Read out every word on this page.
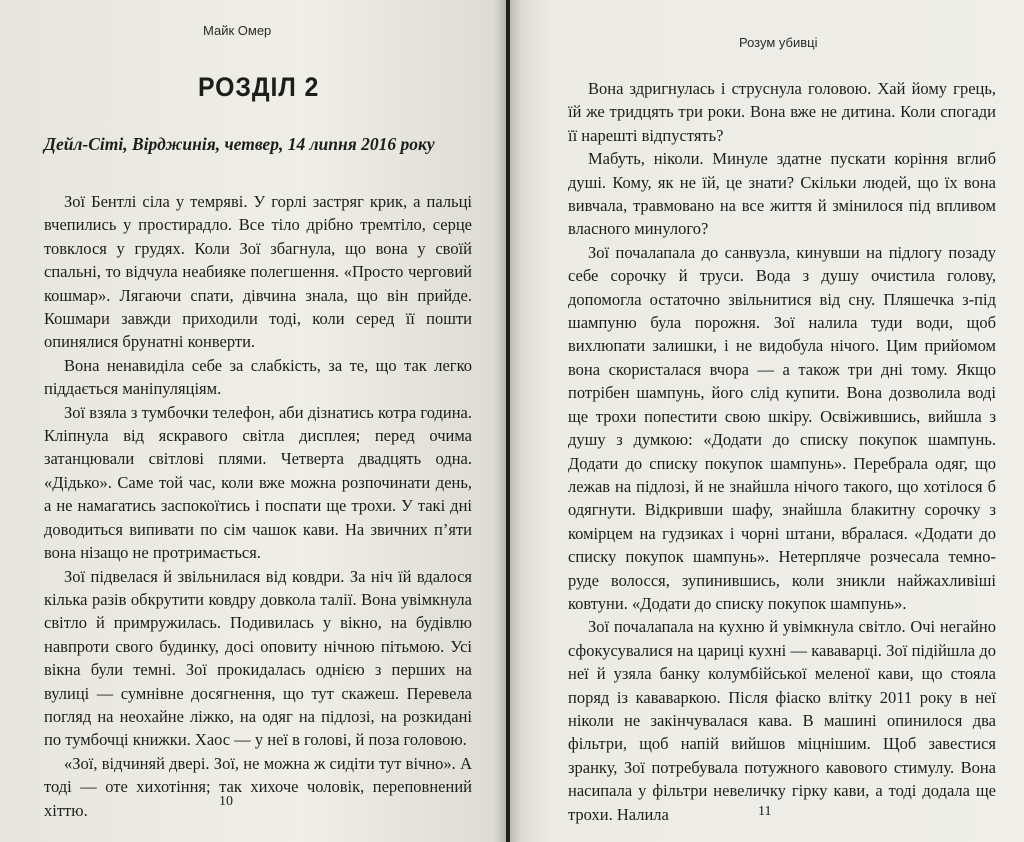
Майк Омер
РОЗДІЛ 2
Дейл-Сіті, Вірджинія, четвер, 14 липня 2016 року

Зої Бентлі сіла у темряві. У горлі застряг крик, а пальці вчепились у простирадло. Все тіло дрібно тремтіло, серце товклося у грудях. Коли Зої збагнула, що вона у своїй спальні, то відчула неабияке полегшення. «Просто черговий кошмар». Лягаючи спати, дівчина знала, що він прийде. Кошмари завжди приходили тоді, коли серед її пошти опинялися брунатні конверти.

Вона ненавиділа себе за слабкість, за те, що так легко піддається маніпуляціям.

Зої взяла з тумбочки телефон, аби дізнатись котра година. Кліпнула від яскравого світла дисплея; перед очима затанцювали світлові плями. Четверта двадцять одна. «Дідько». Саме той час, коли вже можна розпочинати день, а не намагатись заспокоїтись і поспати ще трохи. У такі дні доводиться випивати по сім чашок кави. На звичних п’яти вона нізащо не протримається.

Зої підвелася й звільнилася від ковдри. За ніч їй вдалося кілька разів обкрутити ковдру довкола талії. Вона увімкнула світло й примружилась. Подивилась у вікно, на будівлю навпроти свого будинку, досі оповиту нічною пітьмою. Усі вікна були темні. Зої прокидалась однією з перших на вулиці — сумнівне досягнення, що тут скажеш. Перевела погляд на неохайне ліжко, на одяг на підлозі, на розкидані по тумбочці книжки. Хаос — у неї в голові, й поза головою.

«Зої, відчиняй двері. Зої, не можна ж сидіти тут вічно». А тоді — оте хихотіння; так хихоче чоловік, переповнений хіттю.	10
Розум убивці

Вона здригнулась і струснула головою. Хай йому грець, їй же тридцять три роки. Вона вже не дитина. Коли спогади її нарешті відпустять?

Мабуть, ніколи. Минуле здатне пускати коріння вглиб душі. Кому, як не їй, це знати? Скільки людей, що їх вона вивчала, травмовано на все життя й змінилося під впливом власного минулого?

Зої почалапала до санвузла, кинувши на підлогу позаду себе сорочку й труси. Вода з душу очистила голову, допомогла остаточно звільнитися від сну. Пляшечка з-під шампуню була порожня. Зої налила туди води, щоб вихлюпати залишки, і не видобула нічого. Цим прийомом вона скористалася вчора — а також три дні тому. Якщо потрібен шампунь, його слід купити. Вона дозволила воді ще трохи попестити свою шкіру. Освіжившись, вийшла з душу з думкою: «Додати до списку покупок шампунь. Додати до списку покупок шампунь». Перебрала одяг, що лежав на підлозі, й не знайшла нічого такого, що хотілося б одягнути. Відкривши шафу, знайшла блакитну сорочку з комірцем на гудзиках і чорні штани, вбралася. «Додати до списку покупок шампунь». Нетерпляче розчесала темно-руде волосся, зупинившись, коли зникли найжахливіші ковтуни. «Додати до списку покупок шампунь».

Зої почалапала на кухню й увімкнула світло. Очі негайно сфокусувалися на цариці кухні — кававарці. Зої підійшла до неї й узяла банку колумбійської меленої кави, що стояла поряд із кававаркою. Після фіаско влітку 2011 року в неї ніколи не закінчувалася кава. В машині опинилося два фільтри, щоб напій вийшов міцнішим. Щоб завестися зранку, Зої потребувала потужного кавового стимулу. Вона насипала у фільтри невеличку гірку кави, а тоді додала ще трохи. Налила	11
